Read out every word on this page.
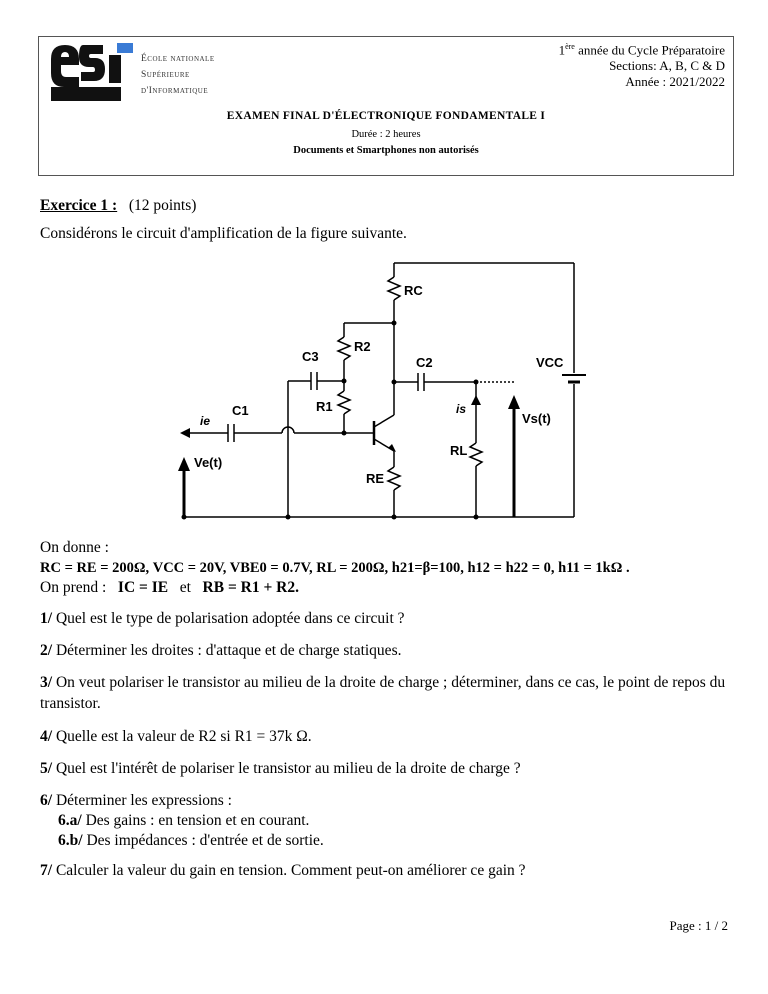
École nationale
Supérieure
d'Informatique
1ère année du Cycle Préparatoire
Sections: A, B, C & D
Année : 2021/2022
EXAMEN FINAL D'ÉLECTRONIQUE FONDAMENTALE I
Durée : 2 heures
Documents et Smartphones non autorisés
Exercice 1 : (12 points)
Considérons le circuit d'amplification de la figure suivante.
RC
R2
C3	C2	VCC
C1	R1
ie
is
Vs(t)
RL
Ve(t)
RE
On donne :
RC = RE = 200Ω, VCC = 20V, VBE0 = 0.7V, RL = 200Ω, h21=β=100, h12 = h22 = 0, h11 = 1kΩ .
On prend : IC = IE et RB = R1 + R2.
1/ Quel est le type de polarisation adoptée dans ce circuit ?
2/ Déterminer les droites : d'attaque et de charge statiques.
3/ On veut polariser le transistor au milieu de la droite de charge ; déterminer, dans ce cas, le point de repos du transistor.
4/ Quelle est la valeur de R2 si R1 = 37k Ω.
5/ Quel est l'intérêt de polariser le transistor au milieu de la droite de charge ?
6/ Déterminer les expressions :
6.a/ Des gains : en tension et en courant.
6.b/ Des impédances : d'entrée et de sortie.
7/ Calculer la valeur du gain en tension. Comment peut-on améliorer ce gain ?
Page : 1 / 2
